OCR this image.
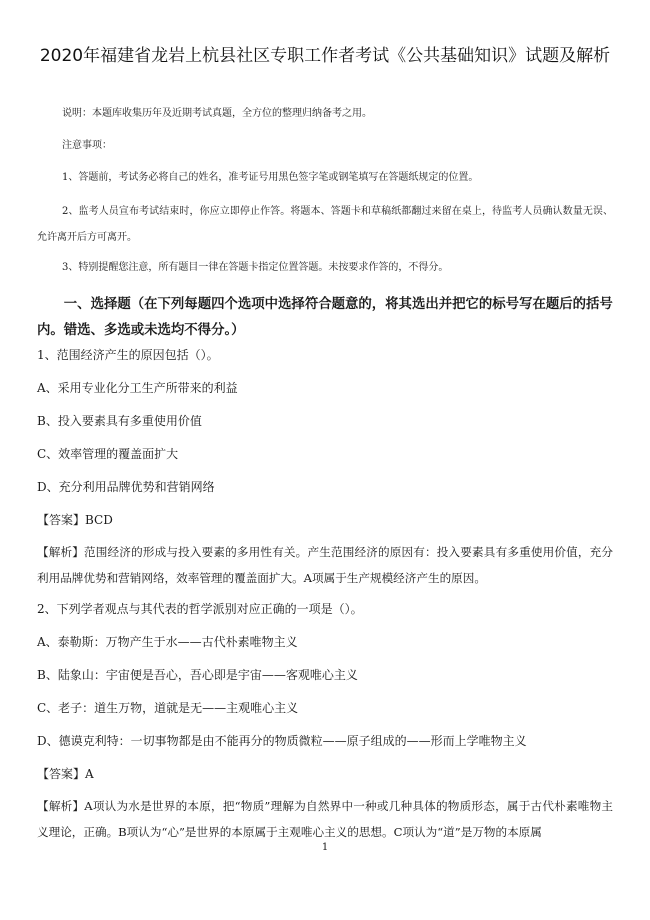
2020年福建省龙岩上杭县社区专职工作者考试《公共基础知识》试题及解析
说明：本题库收集历年及近期考试真题，全方位的整理归纳备考之用。
注意事项：
1、答题前，考试务必将自己的姓名，准考证号用黑色签字笔或钢笔填写在答题纸规定的位置。
2、监考人员宣布考试结束时，你应立即停止作答。将题本、答题卡和草稿纸都翻过来留在桌上，待监考人员确认数量无误、允许离开后方可离开。
3、特别提醒您注意，所有题目一律在答题卡指定位置答题。未按要求作答的，不得分。
一、选择题（在下列每题四个选项中选择符合题意的，将其选出并把它的标号写在题后的括号内。错选、多选或未选均不得分。）
1、范围经济产生的原因包括（）。
A、采用专业化分工生产所带来的利益
B、投入要素具有多重使用价值
C、效率管理的覆盖面扩大
D、充分利用品牌优势和营销网络
【答案】BCD
【解析】范围经济的形成与投入要素的多用性有关。产生范围经济的原因有：投入要素具有多重使用价值，充分利用品牌优势和营销网络，效率管理的覆盖面扩大。A项属于生产规模经济产生的原因。
2、下列学者观点与其代表的哲学派别对应正确的一项是（）。
A、泰勒斯：万物产生于水——古代朴素唯物主义
B、陆象山：宇宙便是吾心，吾心即是宇宙——客观唯心主义
C、老子：道生万物，道就是无——主观唯心主义
D、德谟克利特：一切事物都是由不能再分的物质微粒——原子组成的——形而上学唯物主义
【答案】A
【解析】A项认为水是世界的本原，把“物质”理解为自然界中一种或几种具体的物质形态，属于古代朴素唯物主义理论，正确。B项认为“心”是世界的本原属于主观唯心主义的思想。C项认为“道”是万物的本原属
1
